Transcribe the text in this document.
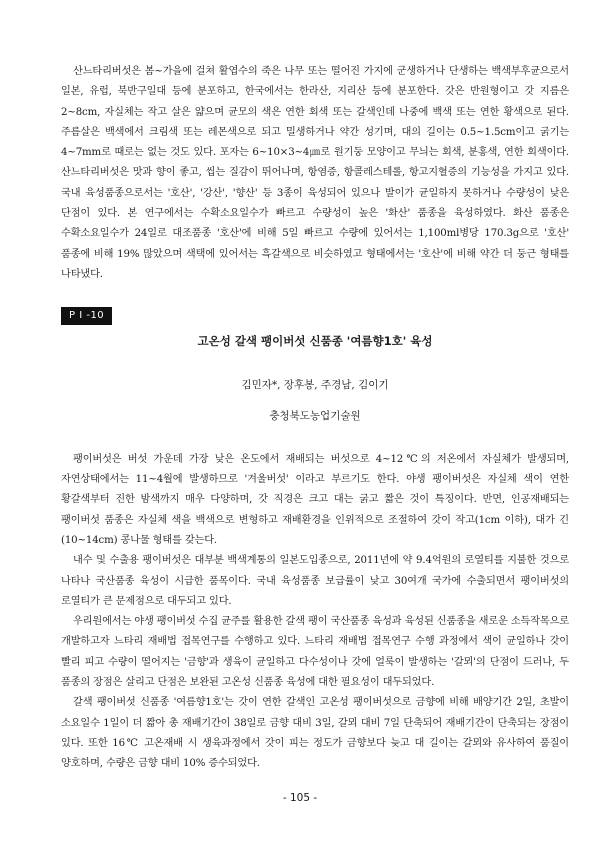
산느타리버섯은 봄~가을에 걸쳐 활엽수의 죽은 나무 또는 떨어진 가지에 군생하거나 단생하는 백색부후균으로서 일본, 유럽, 북반구일대 등에 분포하고, 한국에서는 한라산, 지리산 등에 분포한다. 갓은 반원형이고 갓 지름은 2~8cm, 자실체는 작고 살은 얇으며 균모의 색은 연한 회색 또는 갈색인데 나중에 백색 또는 연한 황색으로 된다. 주름살은 백색에서 크림색 또는 레몬색으로 되고 밀생하거나 약간 성기며, 대의 길이는 0.5~1.5cm이고 굵기는 4~7mm로 때로는 없는 것도 있다. 포자는 6~10×3~4㎛로 원기둥 모양이고 무늬는 회색, 분홍색, 연한 회색이다. 산느타리버섯은 맛과 향이 좋고, 씹는 질감이 뛰어나며, 항염증, 항콜레스테롤, 항고지혈증의 기능성을 가지고 있다. 국내 육성품종으로서는 '호산', '강산', '향산' 등 3종이 육성되어 있으나 발이가 균일하지 못하거나 수량성이 낮은 단점이 있다. 본 연구에서는 수확소요일수가 빠르고 수량성이 높은 '화산' 품종을 육성하였다. 화산 품종은 수확소요일수가 24일로 대조품종 '호산'에 비해 5일 빠르고 수량에 있어서는 1,100ml병당 170.3g으로 '호산' 품종에 비해 19% 많았으며 색택에 있어서는 흑갈색으로 비슷하였고 형태에서는 '호산'에 비해 약간 더 둥근 형태를 나타냈다.

P I -10

고온성 갈색 팽이버섯 신품종 '여름향1호' 육성

김민자*, 장후봉, 주경남, 김이기

충청북도농업기술원

팽이버섯은 버섯 가운데 가장 낮은 온도에서 재배되는 버섯으로 4~12℃의 저온에서 자실체가 발생되며, 자연상태에서는 11~4월에 발생하므로 '겨울버섯' 이라고 부르기도 한다. 야생 팽이버섯은 자실체 색이 연한 황갈색부터 진한 밤색까지 매우 다양하며, 갓 직경은 크고 대는 굵고 짧은 것이 특징이다. 반면, 인공재배되는 팽이버섯 품종은 자실체 색을 백색으로 변형하고 재배환경을 인위적으로 조절하여 갓이 작고(1cm 이하), 대가 긴(10~14cm) 콩나물 형태를 갖는다.

내수 및 수출용 팽이버섯은 대부분 백색계통의 일본도입종으로, 2011년에 약 9.4억원의 로열티를 지불한 것으로 나타나 국산품종 육성이 시급한 품목이다. 국내 육성품종 보급률이 낮고 30여개 국가에 수출되면서 팽이버섯의 로열티가 큰 문제점으로 대두되고 있다.

우리원에서는 야생 팽이버섯 수집 균주를 활용한 갈색 팽이 국산품종 육성과 육성된 신품종을 새로운 소득작목으로 개발하고자 느타리 재배법 접목연구를 수행하고 있다. 느타리 재배법 접목연구 수행 과정에서 색이 균일하나 갓이 빨리 피고 수량이 떨어지는 '금향'과 생육이 균일하고 다수성이나 갓에 얼룩이 발생하는 '갈뫼'의 단점이 드러나, 두 품종의 장점은 살리고 단점은 보완된 고온성 신품종 육성에 대한 필요성이 대두되었다.

갈색 팽이버섯 신품종 '여름향1호'는 갓이 연한 갈색인 고온성 팽이버섯으로 금향에 비해 배양기간 2일, 초발이 소요일수 1일이 더 짧아 총 재배기간이 38일로 금향 대비 3일, 갈뫼 대비 7일 단축되어 재배기간이 단축되는 장점이 있다. 또한 16℃ 고온재배 시 생육과정에서 갓이 피는 정도가 금향보다 늦고 대 길이는 갈뫼와 유사하여 품질이 양호하며, 수량은 금향 대비 10% 증수되었다.

- 105 -
